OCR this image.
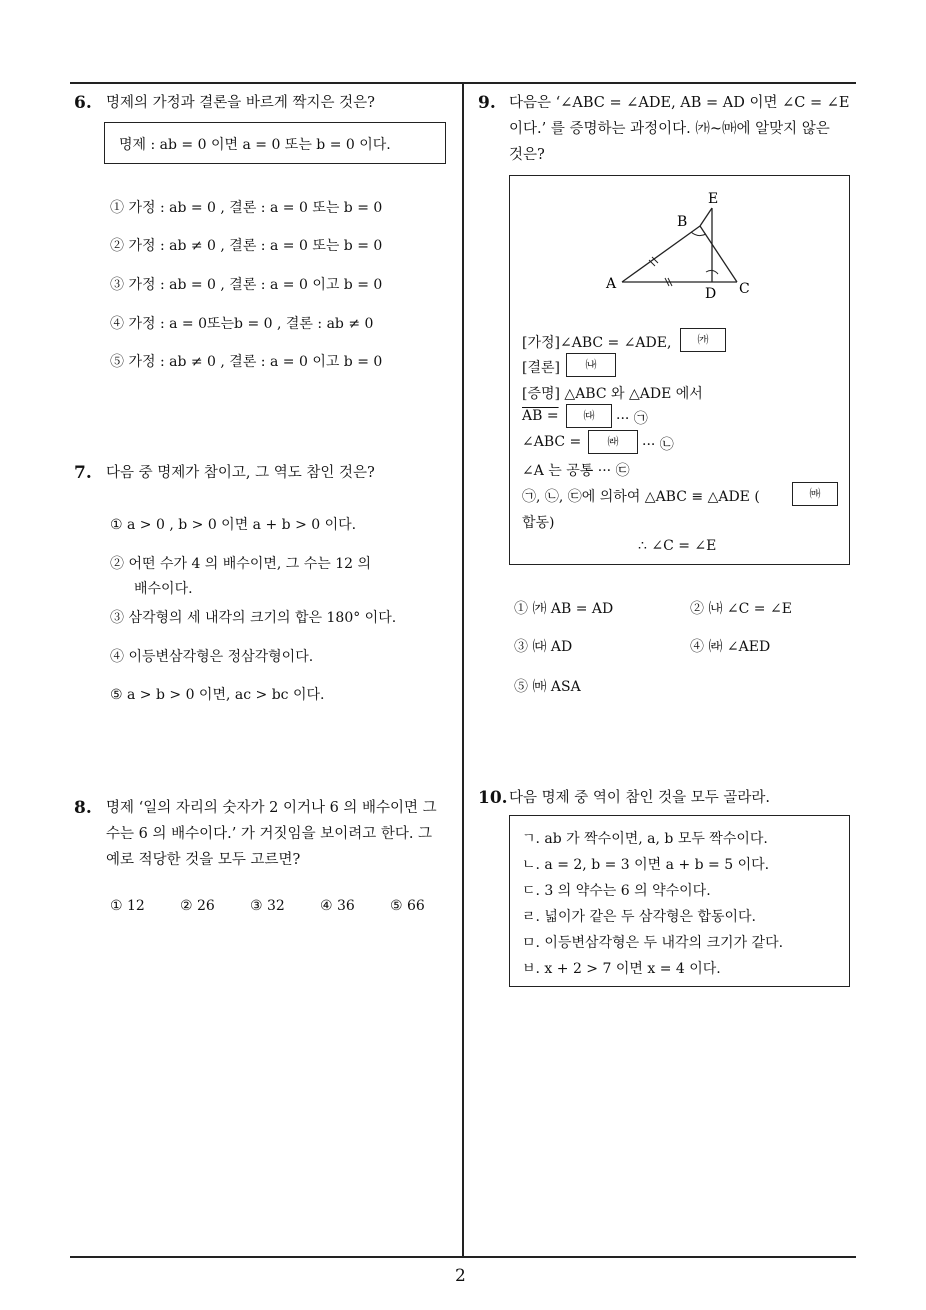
2
6. 명제의 가정과 결론을 바르게 짝지은 것은?
명제 : ab = 0 이면 a = 0 또는 b = 0 이다.
① 가정 : ab = 0 , 결론 : a = 0 또는 b = 0
② 가정 : ab ≠ 0 , 결론 : a = 0 또는 b = 0
③ 가정 : ab = 0 , 결론 : a = 0 이고 b = 0
④ 가정 : a = 0또는b = 0 , 결론 : ab ≠ 0
⑤ 가정 : ab ≠ 0 , 결론 : a = 0 이고 b = 0
7. 다음 중 명제가 참이고, 그 역도 참인 것은?
① a > 0 , b > 0 이면 a + b > 0 이다.
② 어떤 수가 4 의 배수이면, 그 수는 12 의
배수이다.
③ 삼각형의 세 내각의 크기의 합은 180° 이다.
④ 이등변삼각형은 정삼각형이다.
⑤ a > b > 0 이면, ac > bc 이다.
8. 명제 ‘일의 자리의 숫자가 2 이거나 6 의 배수이면 그
수는 6 의 배수이다.’ 가 거짓임을 보이려고 한다. 그
예로 적당한 것을 모두 고르면?
① 12	② 26	③ 32	④ 36	⑤ 66
9. 다음은 ‘∠ABC = ∠ADE, AB = AD 이면 ∠C = ∠E
이다.’ 를 증명하는 과정이다. ㈎~㈒에 알맞지 않은
것은?
A
B
C
D
E
[가정]∠ABC = ∠ADE,	㈎
[결론]	㈏
[증명] △ABC 와 △ADE 에서
AB =	㈐	··· ㉠
∠ABC =	㈑	··· ㉡
∠A 는 공통 ··· ㉢
㉠, ㉡, ㉢에 의하여 △ABC ≡ △ADE (	㈒
합동)
∴ ∠C = ∠E
① ㈎ AB = AD	② ㈏ ∠C = ∠E
③ ㈐ AD	④ ㈑ ∠AED
⑤ ㈒ ASA
10. 다음 명제 중 역이 참인 것을 모두 골라라.
ㄱ. ab 가 짝수이면, a, b 모두 짝수이다.
ㄴ. a = 2, b = 3 이면 a + b = 5 이다.
ㄷ. 3 의 약수는 6 의 약수이다.
ㄹ. 넓이가 같은 두 삼각형은 합동이다.
ㅁ. 이등변삼각형은 두 내각의 크기가 같다.
ㅂ. x + 2 > 7 이면 x = 4 이다.
